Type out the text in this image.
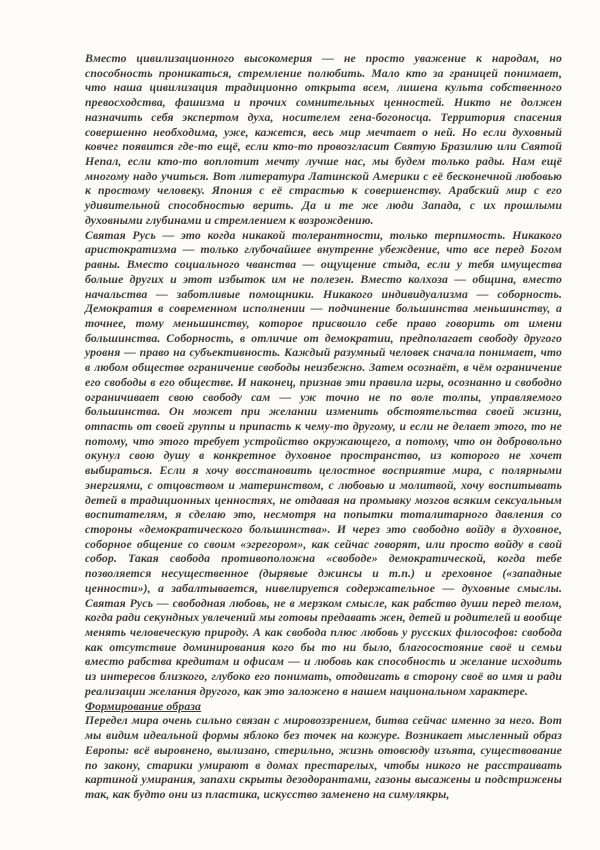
Вместо цивилизационного высокомерия — не просто уважение к народам, но способность проникаться, стремление полюбить. Мало кто за границей понимает, что наша цивилизация традиционно открыта всем, лишена культа собственного превосходства, фашизма и прочих сомнительных ценностей. Никто не должен назначить себя экспертом духа, носителем гена-богоносца. Территория спасения совершенно необходима, уже, кажется, весь мир мечтает о ней. Но если духовный ковчег появится где-то ещё, если кто-то провозгласит Святую Бразилию или Святой Непал, если кто-то воплотит мечту лучше нас, мы будем только рады. Нам ещё многому надо учиться. Вот литература Латинской Америки с её бесконечной любовью к простому человеку. Япония с её страстью к совершенству. Арабский мир с его удивительной способностью верить. Да и те же люди Запада, с их прошлыми духовными глубинами и стремлением к возрождению.

Святая Русь — это когда никакой толерантности, только терпимость. Никакого аристократизма — только глубочайшее внутренне убеждение, что все перед Богом равны. Вместо социального чванства — ощущение стыда, если у тебя имущества больше других и этот избыток им не полезен. Вместо колхоза — община, вместо начальства — заботливые помощники. Никакого индивидуализма — соборность. Демократия в современном исполнении — подчинение большинства меньшинству, а точнее, тому меньшинству, которое присвоило себе право говорить от имени большинства. Соборность, в отличие от демократии, предполагает свободу другого уровня — право на субъективность. Каждый разумный человек сначала понимает, что в любом обществе ограничение свободы неизбежно. Затем осознаёт, в чём ограничение его свободы в его обществе. И наконец, признав эти правила игры, осознанно и свободно ограничивает свою свободу сам — уж точно не по воле толпы, управляемого большинства. Он может при желании изменить обстоятельства своей жизни, отпасть от своей группы и припасть к чему-то другому, и если не делает этого, то не потому, что этого требует устройство окружающего, а потому, что он добровольно окунул свою душу в конкретное духовное пространство, из которого не хочет выбираться. Если я хочу восстановить целостное восприятие мира, с полярными энергиями, с отцовством и материнством, с любовью и молитвой, хочу воспитывать детей в традиционных ценностях, не отдавая на промывку мозгов всяким сексуальным воспитателям, я сделаю это, несмотря на попытки тоталитарного давления со стороны «демократического большинства». И через это свободно войду в духовное, соборное общение со своим «эгрегором», как сейчас говорят, или просто войду в свой собор. Такая свобода противоположна «свободе» демократической, когда тебе позволяется несущественное (дырявые джинсы и т.п.) и греховное («западные ценности»), а забалтывается, нивелируется содержательное — духовные смыслы. Святая Русь — свободная любовь, не в мерзком смысле, как рабство души перед телом, когда ради секундных увлечений мы готовы предавать жен, детей и родителей и вообще менять человеческую природу. А как свобода плюс любовь у русских философов: свобода как отсутствие доминирования кого бы то ни было, благосостояние своё и семьи вместо рабства кредитам и офисам — и любовь как способность и желание исходить из интересов близкого, глубоко его понимать, отодвигать в сторону своё во имя и ради реализации желания другого, как это заложено в нашем национальном характере.

Формирование образа

Передел мира очень сильно связан с мировоззрением, битва сейчас именно за него. Вот мы видим идеальной формы яблоко без точек на кожуре. Возникает мысленный образ Европы: всё выровнено, вылизано, стерильно, жизнь отовсюду изъята, существование по закону, старики умирают в домах престарелых, чтобы никого не расстраивать картиной умирания, запахи скрыты дезодорантами, газоны высажены и подстрижены так, как будто они из пластика, искусство заменено на симулякры,
